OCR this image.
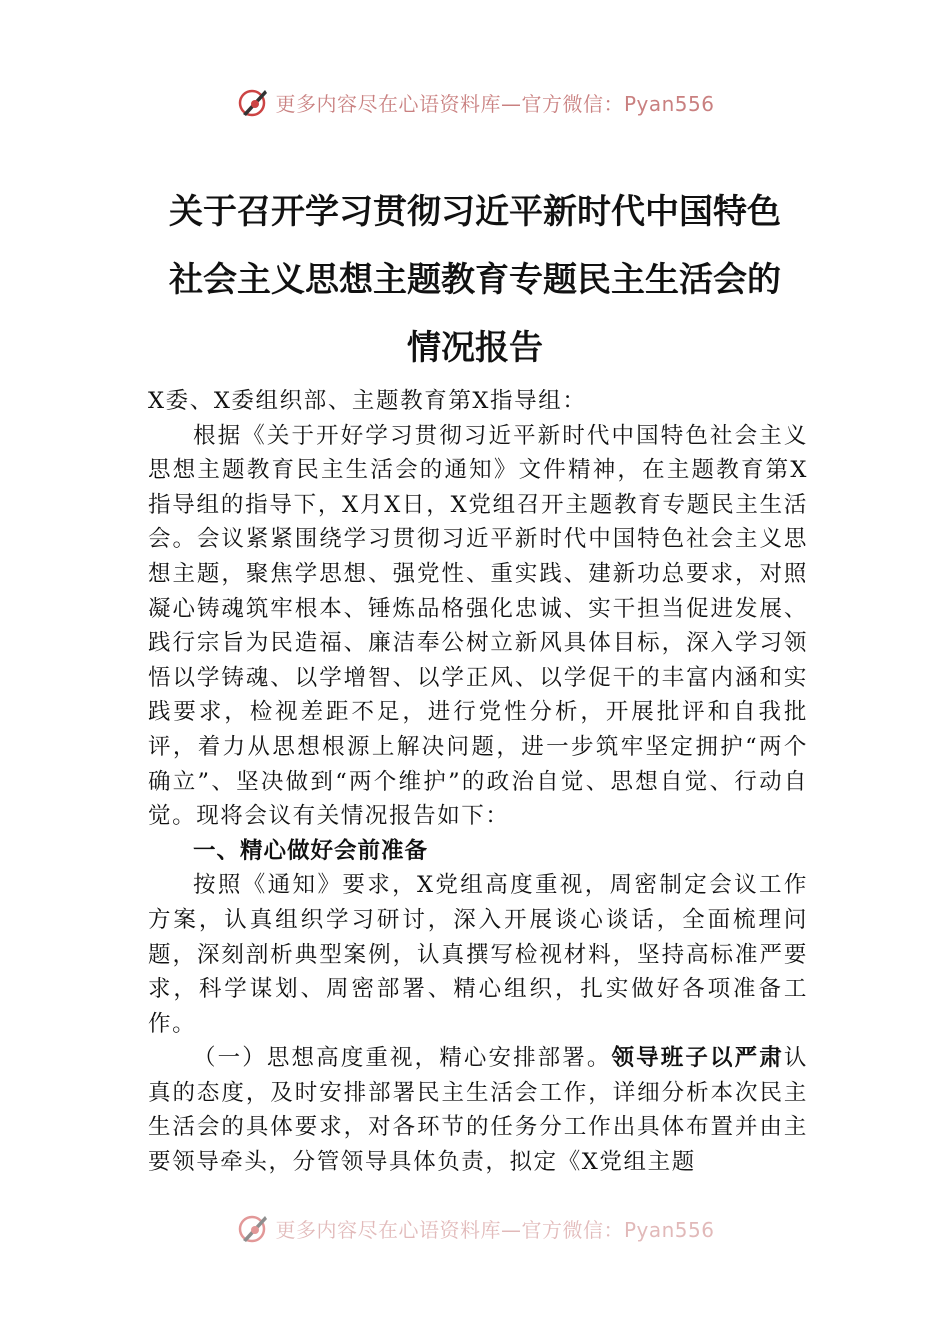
更多内容尽在心语资料库—官方微信：Pyan556
关于召开学习贯彻习近平新时代中国特色
社会主义思想主题教育专题民主生活会的
情况报告

X委、X委组织部、主题教育第X指导组：

根据《关于开好学习贯彻习近平新时代中国特色社会主义思想主题教育民主生活会的通知》文件精神，在主题教育第X指导组的指导下，X月X日，X党组召开主题教育专题民主生活会。会议紧紧围绕学习贯彻习近平新时代中国特色社会主义思想主题，聚焦学思想、强党性、重实践、建新功总要求，对照凝心铸魂筑牢根本、锤炼品格强化忠诚、实干担当促进发展、践行宗旨为民造福、廉洁奉公树立新风具体目标，深入学习领悟以学铸魂、以学增智、以学正风、以学促干的丰富内涵和实践要求，检视差距不足，进行党性分析，开展批评和自我批评，着力从思想根源上解决问题，进一步筑牢坚定拥护“两个确立”、坚决做到“两个维护”的政治自觉、思想自觉、行动自觉。现将会议有关情况报告如下：

一、精心做好会前准备

按照《通知》要求，X党组高度重视，周密制定会议工作方案，认真组织学习研讨，深入开展谈心谈话，全面梳理问题，深刻剖析典型案例，认真撰写检视材料，坚持高标准严要求，科学谋划、周密部署、精心组织，扎实做好各项准备工作。

（一）思想高度重视，精心安排部署。领导班子以严肃认真的态度，及时安排部署民主生活会工作，详细分析本次民主生活会的具体要求，对各环节的任务分工作出具体布置并由主要领导牵头，分管领导具体负责，拟定《X党组主题

更多内容尽在心语资料库—官方微信：Pyan556
